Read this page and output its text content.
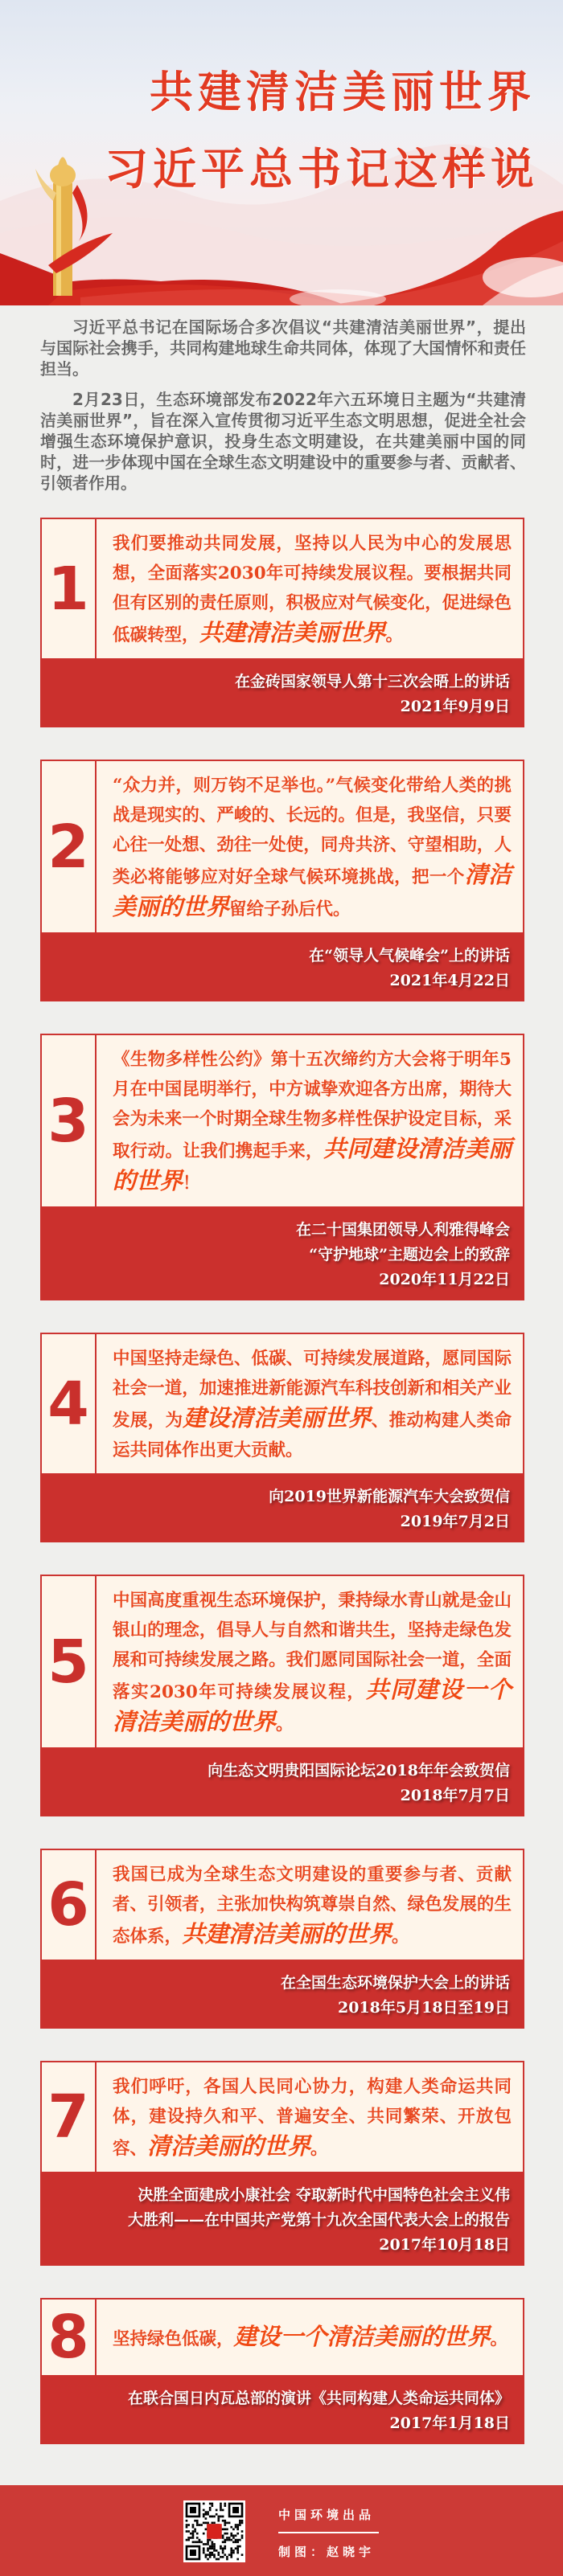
共建清洁美丽世界
习近平总书记这样说

习近平总书记在国际场合多次倡议“共建清洁美丽世界”，提出与国际社会携手，共同构建地球生命共同体，体现了大国情怀和责任担当。

2月23日，生态环境部发布2022年六五环境日主题为“共建清洁美丽世界”，旨在深入宣传贯彻习近平生态文明思想，促进全社会增强生态环境保护意识，投身生态文明建设，在共建美丽中国的同时，进一步体现中国在全球生态文明建设中的重要参与者、贡献者、引领者作用。

1
我们要推动共同发展，坚持以人民为中心的发展思想，全面落实2030年可持续发展议程。要根据共同但有区别的责任原则，积极应对气候变化，促进绿色低碳转型，共建清洁美丽世界。
在金砖国家领导人第十三次会晤上的讲话
2021年9月9日
2
“众力并，则万钧不足举也。”气候变化带给人类的挑战是现实的、严峻的、长远的。但是，我坚信，只要心往一处想、劲往一处使，同舟共济、守望相助，人类必将能够应对好全球气候环境挑战，把一个清洁美丽的世界留给子孙后代。
在“领导人气候峰会”上的讲话
2021年4月22日
3
《生物多样性公约》第十五次缔约方大会将于明年5月在中国昆明举行，中方诚挚欢迎各方出席，期待大会为未来一个时期全球生物多样性保护设定目标，采取行动。让我们携起手来，共同建设清洁美丽的世界！
在二十国集团领导人利雅得峰会
“守护地球”主题边会上的致辞
2020年11月22日
4
中国坚持走绿色、低碳、可持续发展道路，愿同国际社会一道，加速推进新能源汽车科技创新和相关产业发展，为建设清洁美丽世界、推动构建人类命运共同体作出更大贡献。
向2019世界新能源汽车大会致贺信
2019年7月2日
5
中国高度重视生态环境保护，秉持绿水青山就是金山银山的理念，倡导人与自然和谐共生，坚持走绿色发展和可持续发展之路。我们愿同国际社会一道，全面落实2030年可持续发展议程，共同建设一个清洁美丽的世界。
向生态文明贵阳国际论坛2018年年会致贺信
2018年7月7日
6	我国已成为全球生态文明建设的重要参与者、贡献者、引领者，主张加快构筑尊崇自然、绿色发展的生态体系，共建清洁美丽的世界。
在全国生态环境保护大会上的讲话
2018年5月18日至19日
7	我们呼吁，各国人民同心协力，构建人类命运共同体，建设持久和平、普遍安全、共同繁荣、开放包容、清洁美丽的世界。
决胜全面建成小康社会 夺取新时代中国特色社会主义伟
大胜利——在中国共产党第十九次全国代表大会上的报告
2017年10月18日
8	坚持绿色低碳，建设一个清洁美丽的世界。
在联合国日内瓦总部的演讲《共同构建人类命运共同体》
2017年1月18日
中国环境出品
制图：赵晓宇
